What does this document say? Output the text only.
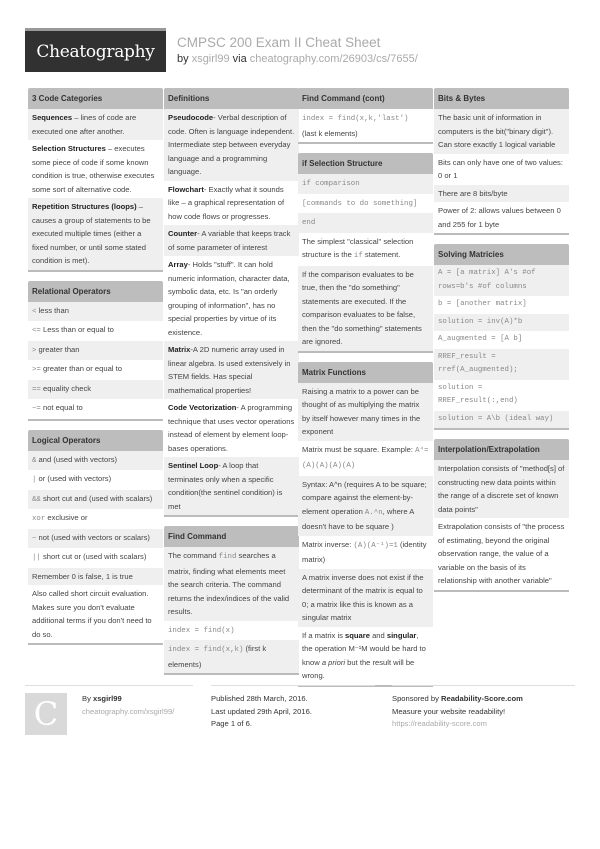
Cheatography CMPSC 200 Exam II Cheat Sheet
by xsgirl99 via cheatography.com/26903/cs/7655/
3 Code Categories
Sequences – lines of code are executed one after another.
Selection Structures – executes some piece of code if some known condition is true, otherwise executes some sort of alternative code.
Repetition Structures (loops) – causes a group of statements to be executed multiple times (either a fixed number, or until some stated condition is met).
Relational Operators
< less than
<= Less than or equal to
> greater than
>= greater than or equal to
== equality check
~= not equal to
Logical Operators
& and (used with vectors)
| or (used with vectors)
&& short cut and (used with scalars)
xor exclusive or
~ not (used with vectors or scalars)
|| short cut or (used with scalars)
Remember 0 is false, 1 is true
Also called short circuit evaluation. Makes sure you don't evaluate additional terms if you don't need to do so.
Definitions
Pseudocode- Verbal description of code. Often is language independent. Intermediate step between everyday language and a programming language.
Flowchart- Exactly what it sounds like – a graphical representation of how code flows or progresses.
Counter- A variable that keeps track of some parameter of interest
Array- Holds "stuff". It can hold numeric information, character data, symbolic data, etc. Is "an orderly grouping of information", has no special properties by virtue of its existence.
Matrix-A 2D numeric array used in linear algebra. Is used extensively in STEM fields. Has special mathematical properties!
Code Vectorization- A programming technique that uses vector operations instead of element by element loop-bases operations.
Sentinel Loop- A loop that terminates only when a specific condition(the sentinel condition) is met
Find Command
The command find searches a matrix, finding what elements meet the search criteria. The command returns the index/indices of the valid results.
index = find(x)
index = find(x,k) (first k elements)
Find Command (cont)
index = find(x,k,'last')
(last k elements)
if Selection Structure
if comparison
[commands to do something]
end
The simplest "classical" selection structure is the if statement.
If the comparison evaluates to be true, then the "do something" statements are executed. If the comparison evaluates to be false, then the "do something" statements are ignored.
Matrix Functions
Raising a matrix to a power can be thought of as multiplying the matrix by itself however many times in the exponent
Matrix must be square. Example: A⁴= (A)(A)(A)(A)
Syntax: A^n (requires A to be square; compare against the element-by-element operation A.^n, where A doesn't have to be square )
Matrix inverse: (A)(A⁻¹)=1 (identity matrix)
A matrix inverse does not exist if the determinant of the matrix is equal to 0; a matrix like this is known as a singular matrix
If a matrix is square and singular, the operation M⁻¹M would be hard to know a priori but the result will be wrong.
Bits & Bytes
The basic unit of information in computers is the bit("binary digit"). Can store exactly 1 logical variable
Bits can only have one of two values: 0 or 1
There are 8 bits/byte
Power of 2: allows values between 0 and 255 for 1 byte
Solving Matricies
A = [a matrix] A's #of rows=b's #of columns
b = [another matrix]
solution = inv(A)*b
A_augmented = [A b]
RREF_result = rref(A_augmented);
solution = RREF_result(:,end)
solution = A\b (ideal way)
Interpolation/Extrapolation
Interpolation consists of "method[s] of constructing new data points within the range of a discrete set of known data points"
Extrapolation consists of "the process of estimating, beyond the original observation range, the value of a variable on the basis of its relationship with another variable"
C	By xsgirl99
cheatography.com/xsgirl99/
Published 28th March, 2016.
Last updated 29th April, 2016.
Page 1 of 6.
Sponsored by Readability-Score.com
Measure your website readability!
https://readability-score.com
